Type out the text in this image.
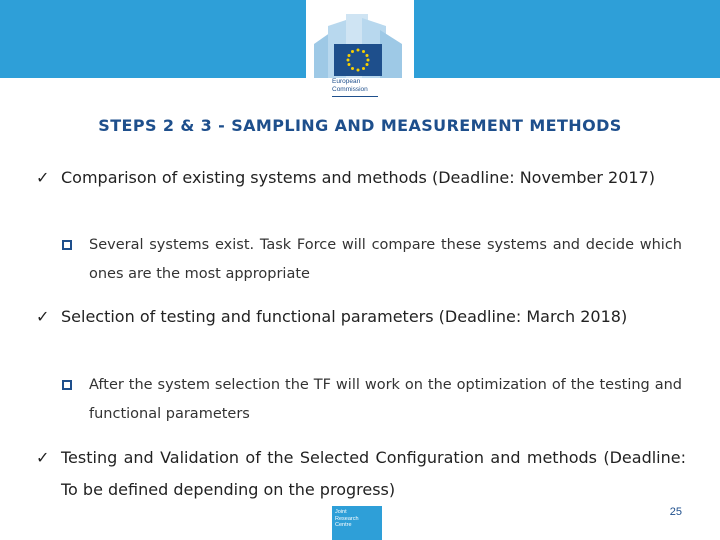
European
Commission
STEPS 2 & 3 - SAMPLING AND MEASUREMENT METHODS
✓ Comparison of existing systems and methods (Deadline: November 2017)
Several systems exist. Task Force will compare these systems and decide which ones are the most appropriate
✓ Selection of testing and functional parameters (Deadline: March 2018)
After the system selection the TF will work on the optimization of the testing and functional parameters
✓ Testing and Validation of the Selected Configuration and methods (Deadline: To be defined depending on the progress)
Joint
Research
Centre
25
